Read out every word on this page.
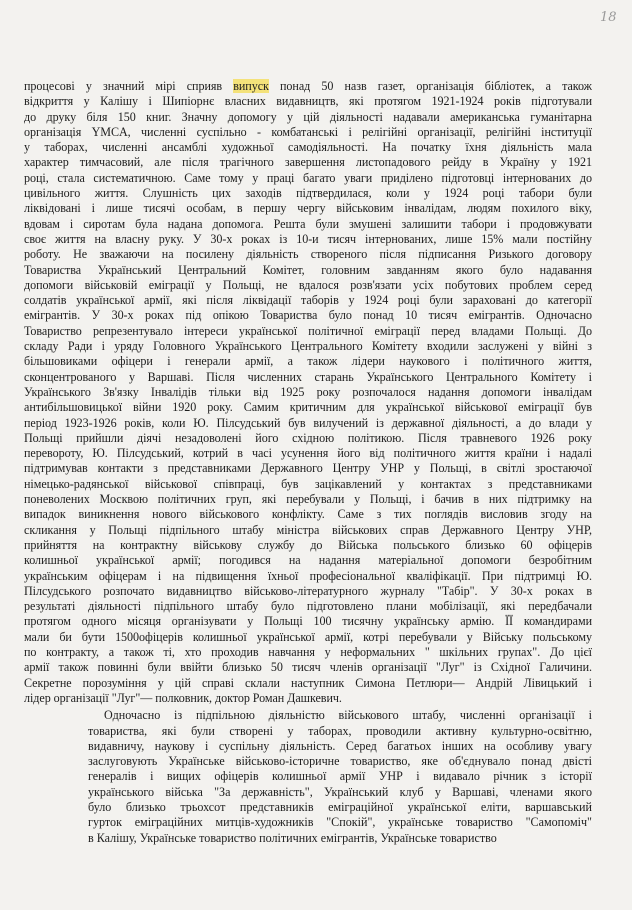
18
процесові у значний мірі сприяв випуск понад 50 назв газет, організація бібліотек, а також
відкриття у Калішу і Шипіорнє власних видавництв, які протягом 1921-1924 років підготували
до друку біля 150 книг. Значну допомогу у цій діяльності надавали американська гуманітарна
організація YMCA, численні суспільно - комбатанські і релігійні організації, релігійні інституції
у таборах, численні ансамблі художньої самодіяльності. На початку їхня діяльність мала
характер тимчасовий, але після трагічного завершення листопадового рейду в Україну у 1921
році, стала систематичною. Саме тому у праці багато уваги приділено підготовці інтернованих до
цивільного життя. Слушність цих заходів підтвердилася, коли у 1924 році табори були
ліквідовані і лише тисячі особам, в першу чергу військовим інвалідам, людям похилого віку,
вдовам і сиротам була надана допомога. Решта були змушені залишити табори і продовжувати
своє життя на власну руку. У 30-х роках із 10-и тисяч інтернованих, лише 15% мали постійну
роботу. Не зважаючи на посилену діяльність створеного після підписання Ризького договору
Товариства Український Центральний Комітет, головним завданням якого було надавання
допомоги військовій еміграції у Польщі, не вдалося розв'язати усіх побутових проблем серед
солдатів української армії, які після ліквідації таборів у 1924 році були зараховані до категорії
емігрантів. У 30-х роках під опікою Товариства було понад 10 тисяч емігрантів. Одночасно
Товариство репрезентувало інтереси української політичної еміграції перед владами Польщі. До
складу Ради і уряду Головного Українського Центрального Комітету входили заслужені у війні з
більшовиками офіцери і генерали армії, а також лідери наукового і політичного життя,
сконцентрованого у Варшаві. Після численних старань Українського Центрального Комітету і
Українського Зв'язку Інвалідів тільки від 1925 року розпочалося надання допомоги інвалідам
антибільшовицької війни 1920 року. Самим критичним для української військової еміграції був
період 1923-1926 років, коли Ю. Пілсудський був вилучений із державної діяльності, а до влади у
Польщі прийшли діячі незадоволені його східною політикою. Після травневого 1926 року
перевороту, Ю. Пілсудський, котрий в часі усунення його від політичного життя країни і надалі
підтримував контакти з представниками Державного Центру УНР у Польщі, в світлі зростаючої
німецько-радянської військової співпраці, був зацікавлений у контактах з представниками
поневолених Москвою політичних груп, які перебували у Польщі, і бачив в них підтримку на
випадок виникнення нового військового конфлікту. Саме з тих поглядів висловив згоду на
скликання у Польщі підпільного штабу міністра військових справ Державного Центру УНР,
прийняття на контрактну військову службу до Війська польського близько 60 офіцерів
колишньої української армії; погодився на надання матеріальної допомоги безробітним
українським офіцерам і на підвищення їхньої професіональної кваліфікації. При підтримці Ю.
Пілсудського розпочато видавництво військово-літературного журналу "Табір". У 30-х роках в
результаті діяльності підпільного штабу було підготовлено плани мобілізації, які передбачали
протягом одного місяця організувати у Польщі 100 тисячну українську армію. ЇЇ командирами
мали би бути 1500офіцерів колишньої української армії, котрі перебували у Війську польському
по контракту, а також ті, хто проходив навчання у неформальних " шкільних групах". До цієї
армії також повинні були ввійти близько 50 тисяч членів організації "Луг" із Східної Галичини.
Секретне порозуміння у цій справі склали наступник Симона Петлюри— Андрій Лівицький і
лідер організації "Луг"— полковник, доктор Роман Дашкевич.
Одночасно із підпільною діяльністю військового штабу, численні організації і
товариства, які були створені у таборах, проводили активну культурно-освітню,
видавничу, наукову і суспільну діяльність. Серед багатьох інших на особливу увагу
заслуговують Українське військово-історичне товариство, яке об'єднувало понад двісті
генералів і вищих офіцерів колишньої армії УНР і видавало річник з історії
українського війська "За державність", Український клуб у Варшаві, членами якого
було близько трьохсот представників еміграційної української еліти, варшавський
гурток еміграційних митців-художників "Спокій", українське товариство "Самопоміч"
в Калішу, Українське товариство політичних емігрантів, Українське товариство
